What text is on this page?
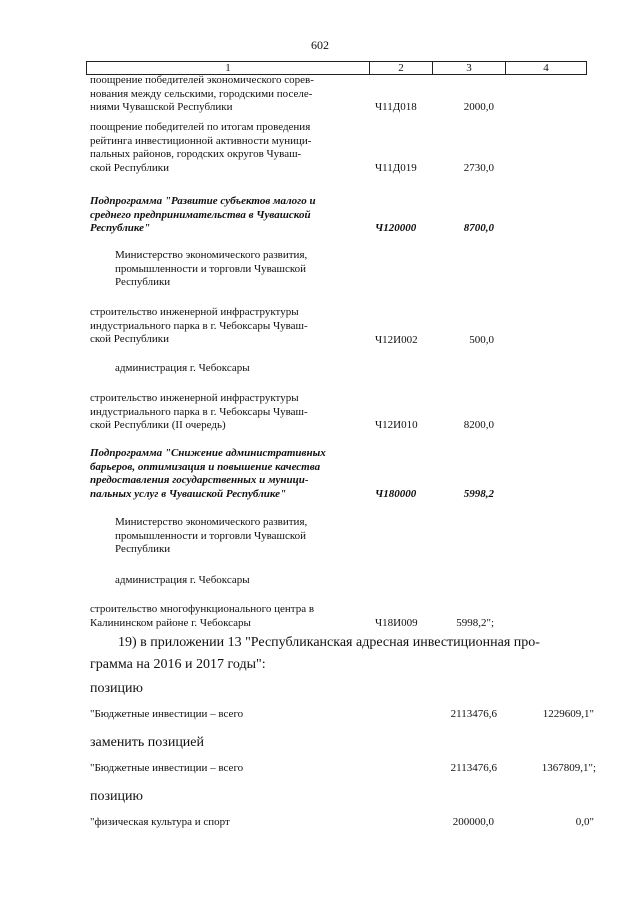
602
1	2	3	4
поощрение победителей экономического сорев-
нования между сельскими, городскими поселе-
ниями Чувашской Республики	Ч11Д018	2000,0
поощрение победителей по итогам проведения
рейтинга инвестиционной активности муници-
пальных районов, городских округов Чуваш-
ской Республики	Ч11Д019	2730,0
Подпрограмма "Развитие субъектов малого и
среднего предпринимательства в Чувашской
Республике"	Ч120000	8700,0
Министерство экономического развития,
промышленности и торговли Чувашской
Республики
строительство инженерной инфраструктуры
индустриального парка в г. Чебоксары Чуваш-
ской Республики	Ч12И002	500,0
администрация г. Чебоксары
строительство инженерной инфраструктуры
индустриального парка в г. Чебоксары Чуваш-
ской Республики (II очередь)	Ч12И010	8200,0
Подпрограмма "Снижение административных
барьеров, оптимизация и повышение качества
предоставления государственных и муници-
пальных услуг в Чувашской Республике"	Ч180000	5998,2
Министерство экономического развития,
промышленности и торговли Чувашской
Республики
администрация г. Чебоксары
строительство многофункционального центра в
Калининском районе г. Чебоксары	Ч18И009	5998,2";
19) в приложении 13 "Республиканская адресная инвестиционная про-
грамма на 2016 и 2017 годы":
позицию
"Бюджетные инвестиции – всего	2113476,6	1229609,1"
заменить позицией
"Бюджетные инвестиции – всего	2113476,6	1367809,1";
позицию
"физическая культура и спорт	200000,0	0,0"
